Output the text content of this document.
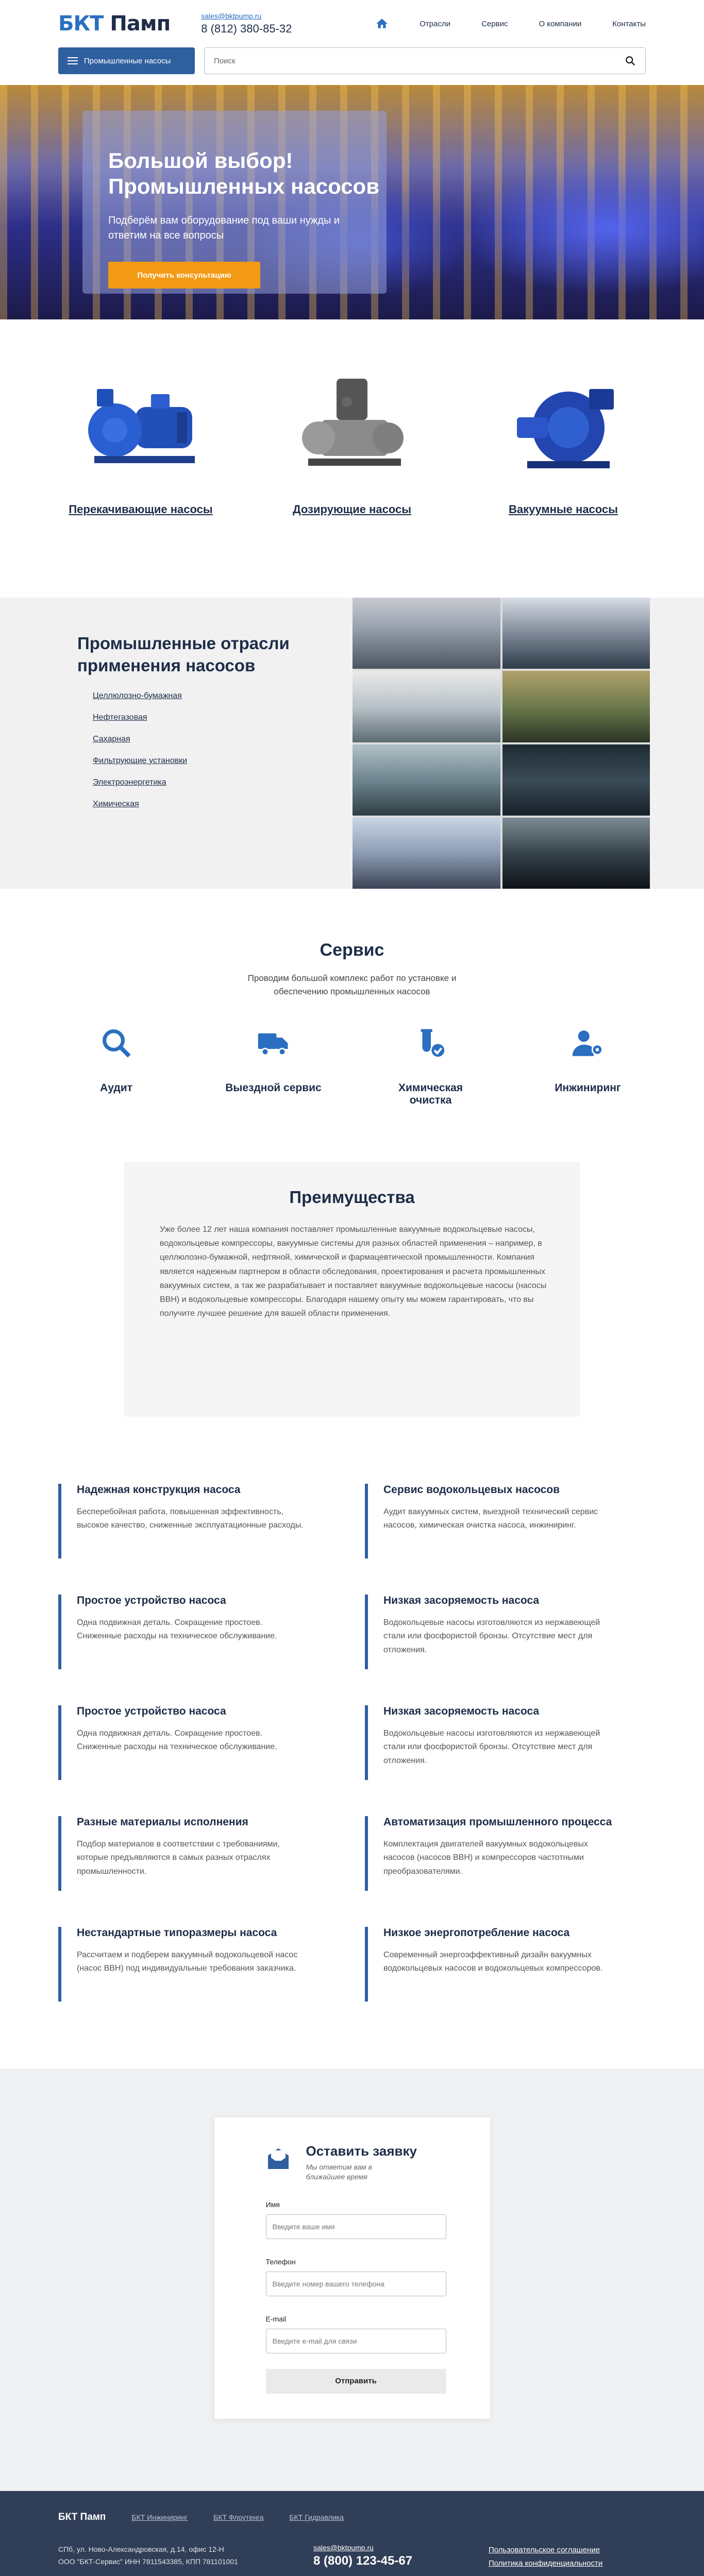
БКТ Памп	sales@bktpump.ru
8 (812) 380-85-32	Отрасли	Сервис	О компании	Контакты
Промышленные насосы	Поиск
Большой выбор!
Промышленных насосов

Подберём вам оборудование под ваши нужды и ответим на все вопросы

Получить консультацию
Перекачивающие насосы	Дозирующие насосы	Вакуумные насосы
Промышленные отрасли применения насосов
Целлюлозно-бумажная
Нефтегазовая
Сахарная
Фильтрующие установки
Электроэнергетика
Химическая
Сервис

Проводим большой комплекс работ по установке и обеспечению промышленных насосов

Аудит	Выездной сервис	Химическая очистка
Инжиниринг
Преимущества

Уже более 12 лет наша компания поставляет промышленные вакуумные водокольцевые насосы, водокольцевые компрессоры, вакуумные системы для разных областей применения – например, в целлюлозно-бумажной, нефтяной, химической и фармацевтической промышленности. Компания является надежным партнером в области обследования, проектирования и расчета промышленных вакуумных систем, а так же разрабатывает и поставляет вакуумные водокольцевые насосы (насосы ВВН) и водокольцевые компрессоры. Благодаря нашему опыту мы можем гарантировать, что вы получите лучшее решение для вашей области применения.

Надежная конструкция насоса

Бесперебойная работа, повышенная эффективность, высокое качество, сниженные эксплуатационные расходы.

Сервис водокольцевых насосов

Аудит вакуумных систем, выездной технический сервис насосов, химическая очистка насоса, инжиниринг.

Простое устройство насоса

Одна подвижная деталь. Сокращение простоев. Сниженные расходы на техническое обслуживание.

Низкая засоряемость насоса

Водокольцевые насосы изготовляются из нержавеющей стали или фосфористой бронзы. Отсутствие мест для отложения.

Простое устройство насоса

Одна подвижная деталь. Сокращение простоев. Сниженные расходы на техническое обслуживание.

Низкая засоряемость насоса

Водокольцевые насосы изготовляются из нержавеющей стали или фосфористой бронзы. Отсутствие мест для отложения.

Разные материалы исполнения

Подбор материалов в соответствии с требованиями, которые предъявляются в самых разных отраслях промышленности.

Автоматизация промышленного процесса

Комплектация двигателей вакуумных водокольцевых насосов (насосов ВВН) и компрессоров частотными преобразователями.

Нестандартные типоразмеры насоса

Рассчитаем и подберем вакуумный водокольцевой насос (насос ВВН) под индивидуальные требования заказчика.

Низкое энергопотребление насоса

Современный энергоэффективный дизайн вакуумных водокольцевых насосов и водокольцевых компрессоров.

Оставить заявку
Мы ответим вам в ближайшее время
Имя
Введите ваше имя
Телефон
Введите номер вашего телефона
E-mail
Введите e-mail для связи
Отправить
БКТ Памп	БКТ Инжиниринг	БКТ Флоутенга	БКТ Гидравлика
СПб, ул. Ново-Александровская, д.14, офис 12-Н
ООО "БКТ-Сервис" ИНН 7811543385, КПП 781101001
sales@bktpump.ru
8 (800) 123-45-67
Пользовательское соглашение
Политика конфиденциальности
